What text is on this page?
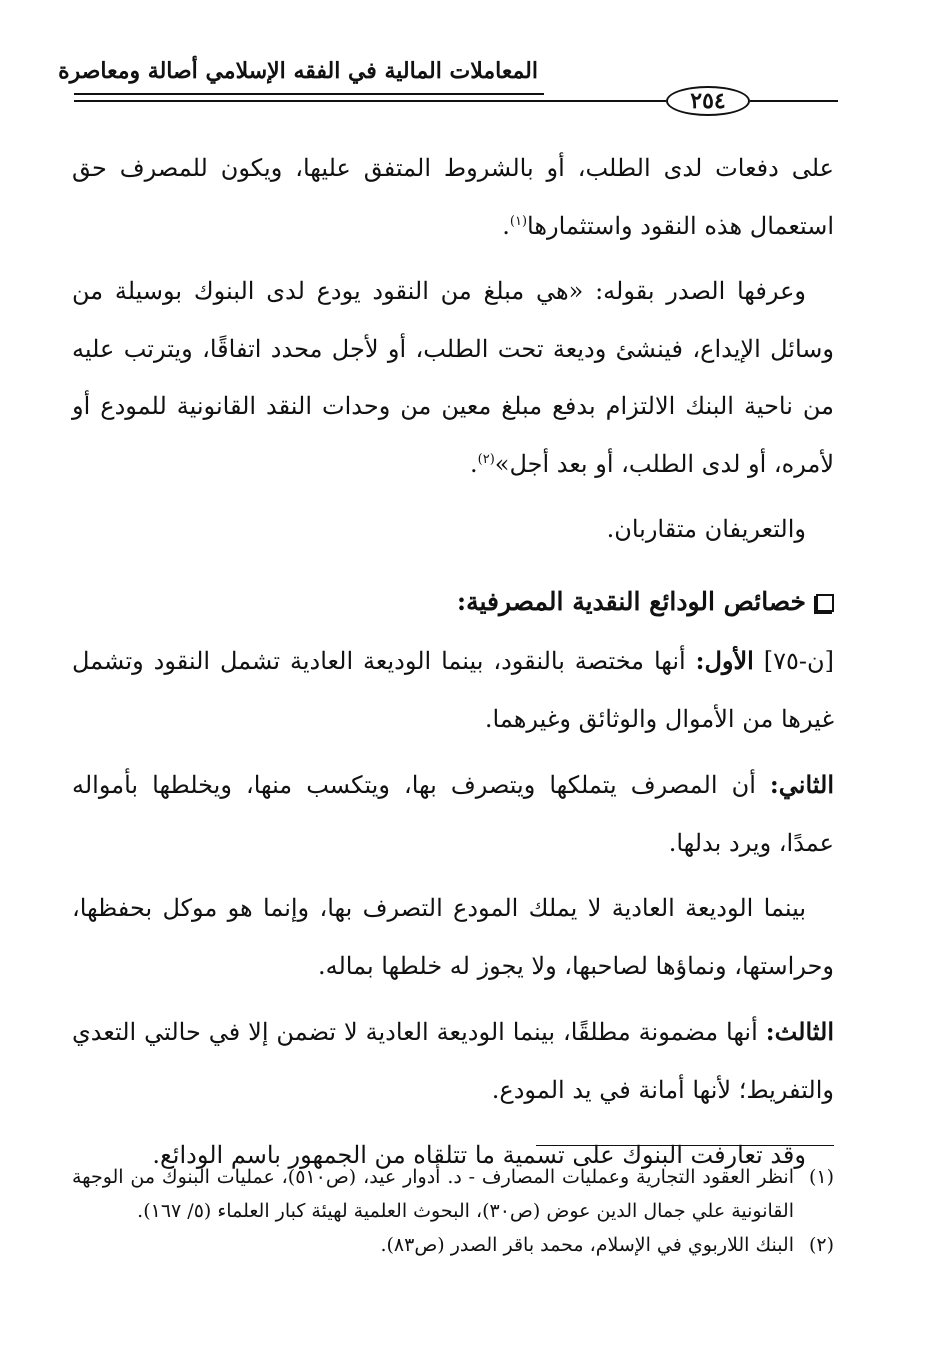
المعاملات المالية في الفقه الإسلامي أصالة ومعاصرة
٢٥٤

على دفعات لدى الطلب، أو بالشروط المتفق عليها، ويكون للمصرف حق استعمال هذه النقود واستثمارها$^{(١)}$.

وعرفها الصدر بقوله: «هي مبلغ من النقود يودع لدى البنوك بوسيلة من وسائل الإيداع، فينشئ وديعة تحت الطلب، أو لأجل محدد اتفاقًا، ويترتب عليه من ناحية البنك الالتزام بدفع مبلغ معين من وحدات النقد القانونية للمودع أو لأمره، أو لدى الطلب، أو بعد أجل»$^{(٢)}$.

والتعريفان متقاربان.

خصائص الودائع النقدية المصرفية:

[ن-٧٥] الأول: أنها مختصة بالنقود، بينما الوديعة العادية تشمل النقود وتشمل غيرها من الأموال والوثائق وغيرهما.

الثاني: أن المصرف يتملكها ويتصرف بها، ويتكسب منها، ويخلطها بأمواله عمدًا، ويرد بدلها.

بينما الوديعة العادية لا يملك المودع التصرف بها، وإنما هو موكل بحفظها، وحراستها، ونماؤها لصاحبها، ولا يجوز له خلطها بماله.

الثالث: أنها مضمونة مطلقًا، بينما الوديعة العادية لا تضمن إلا في حالتي التعدي والتفريط؛ لأنها أمانة في يد المودع.

وقد تعارفت البنوك على تسمية ما تتلقاه من الجمهور باسم الودائع.

(١)
انظر العقود التجارية وعمليات المصارف - د. أدوار عيد، (ص٥١٠)، عمليات البنوك من الوجهة القانونية علي جمال الدين عوض (ص٣٠)، البحوث العلمية لهيئة كبار العلماء (٥/ ١٦٧).

(٢)
البنك اللاربوي في الإسلام، محمد باقر الصدر (ص٨٣).
